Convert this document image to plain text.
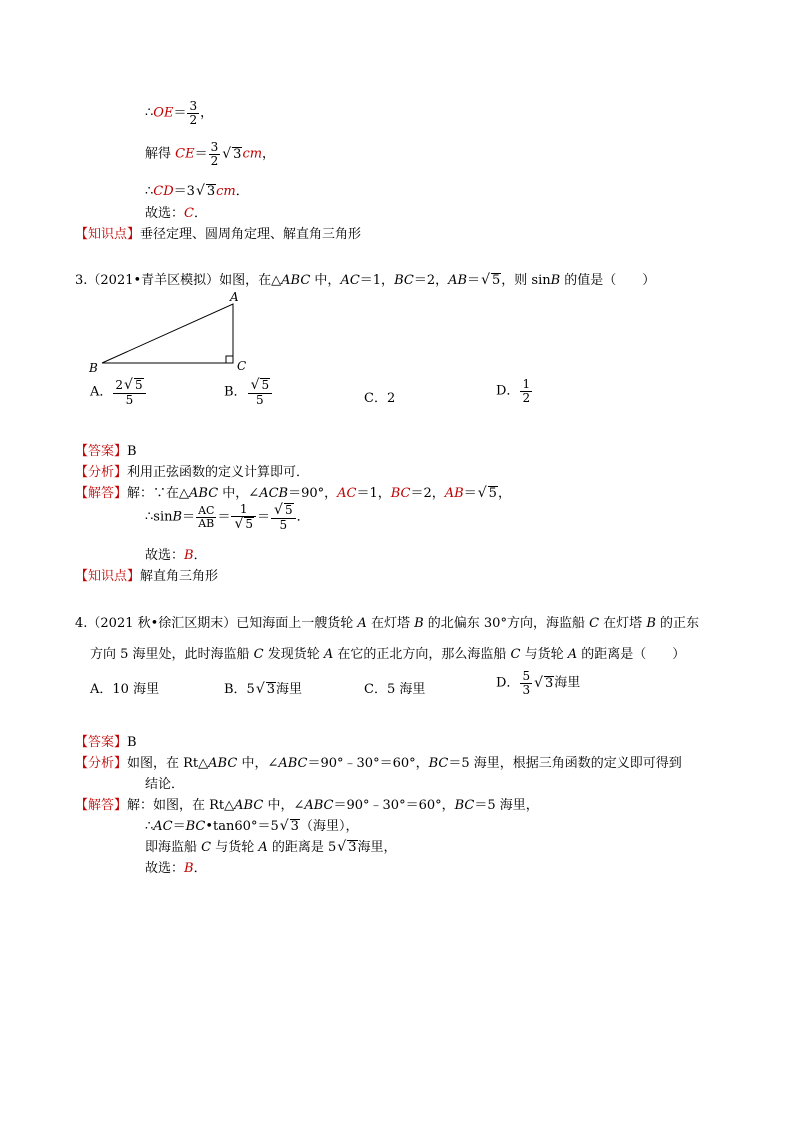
∴OE＝ $\frac{3}{2}$ ，
解得 $CE= \frac{3}{2}$ √ 3cm，
∴CD＝3√ 3cm．
故选：C．
【知识点】垂径定理、圆周角定理、解直角三角形
3.（2021•青羊区模拟）如图，在△ABC 中，AC＝1，BC＝2，AB＝√ 5，则 sinB 的值是（　　）
A
B	C
A． $\frac{2√ 5}{5}$	B． $\frac{√ 5}{5}$	C．2	D． $\frac{1}{2}$
【答案】B
【分析】利用正弦函数的定义计算即可．
【解答】解：∵在△ABC 中，∠ACB＝90°，AC＝1，BC＝2，AB＝√ 5，
∴sinB＝ $\frac{AC}{AB} = \frac{1}{√ 5} = \frac{√ 5}{5}$ ．
故选：B．
【知识点】解直角三角形
4.（2021 秋•徐汇区期末）已知海面上一艘货轮 A 在灯塔 B 的北偏东 30°方向，海监船 C 在灯塔 B 的正东
方向 5 海里处，此时海监船 C 发现货轮 A 在它的正北方向，那么海监船 C 与货轮 A 的距离是（　　）
A．10 海里	B．5√ 3海里	C．5 海里	D． $\frac{5}{3}$ √ 3海里
【答案】B
【分析】如图，在 Rt△ABC 中，∠ABC＝90°﹣30°＝60°，BC＝5 海里，根据三角函数的定义即可得到
结论．
【解答】解：如图，在 Rt△ABC 中，∠ABC＝90°﹣30°＝60°，BC＝5 海里，
∴AC＝BC•tan60°＝5√ 3（海里），
即海监船 C 与货轮 A 的距离是 5√ 3海里，
故选：B．
